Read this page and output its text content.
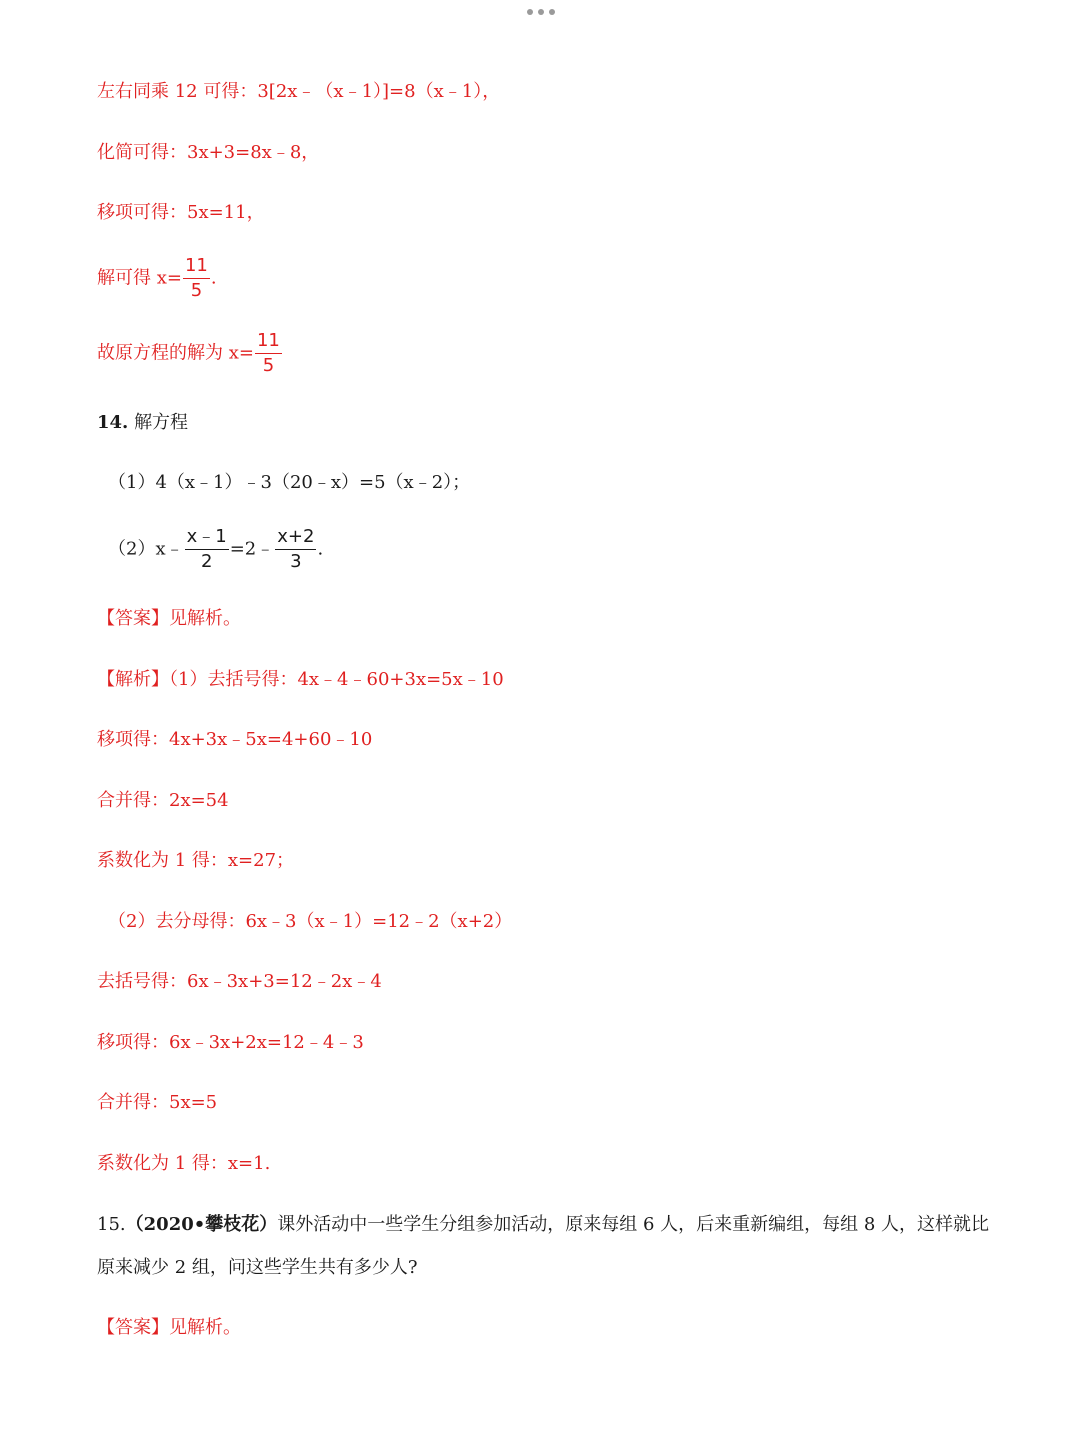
左右同乘 12 可得：3[2x﹣（x﹣1）]=8（x﹣1），
化简可得：3x+3=8x﹣8，
移项可得：5x=11，
解可得 $x= \frac{11}{5}$ .
故原方程的解为 $x= \frac{11}{5}$
14. 解方程
（1）4（x﹣1）﹣3（20﹣x）=5（x﹣2）；
（2）x﹣ $\frac{x﹣1}{2}$ =2﹣ $\frac{x+2}{3}$ .
【答案】见解析。
【解析】（1）去括号得：4x﹣4﹣60+3x=5x﹣10
移项得：4x+3x﹣5x=4+60﹣10
合并得：2x=54
系数化为 1 得：x=27；
（2）去分母得：6x﹣3（x﹣1）=12﹣2（x+2）
去括号得：6x﹣3x+3=12﹣2x﹣4
移项得：6x﹣3x+2x=12﹣4﹣3
合并得：5x=5
系数化为 1 得：x=1.
15.（2020•攀枝花）课外活动中一些学生分组参加活动，原来每组 6 人，后来重新编组，每组 8 人，这样就比原来减少 2 组，问这些学生共有多少人?
【答案】见解析。
